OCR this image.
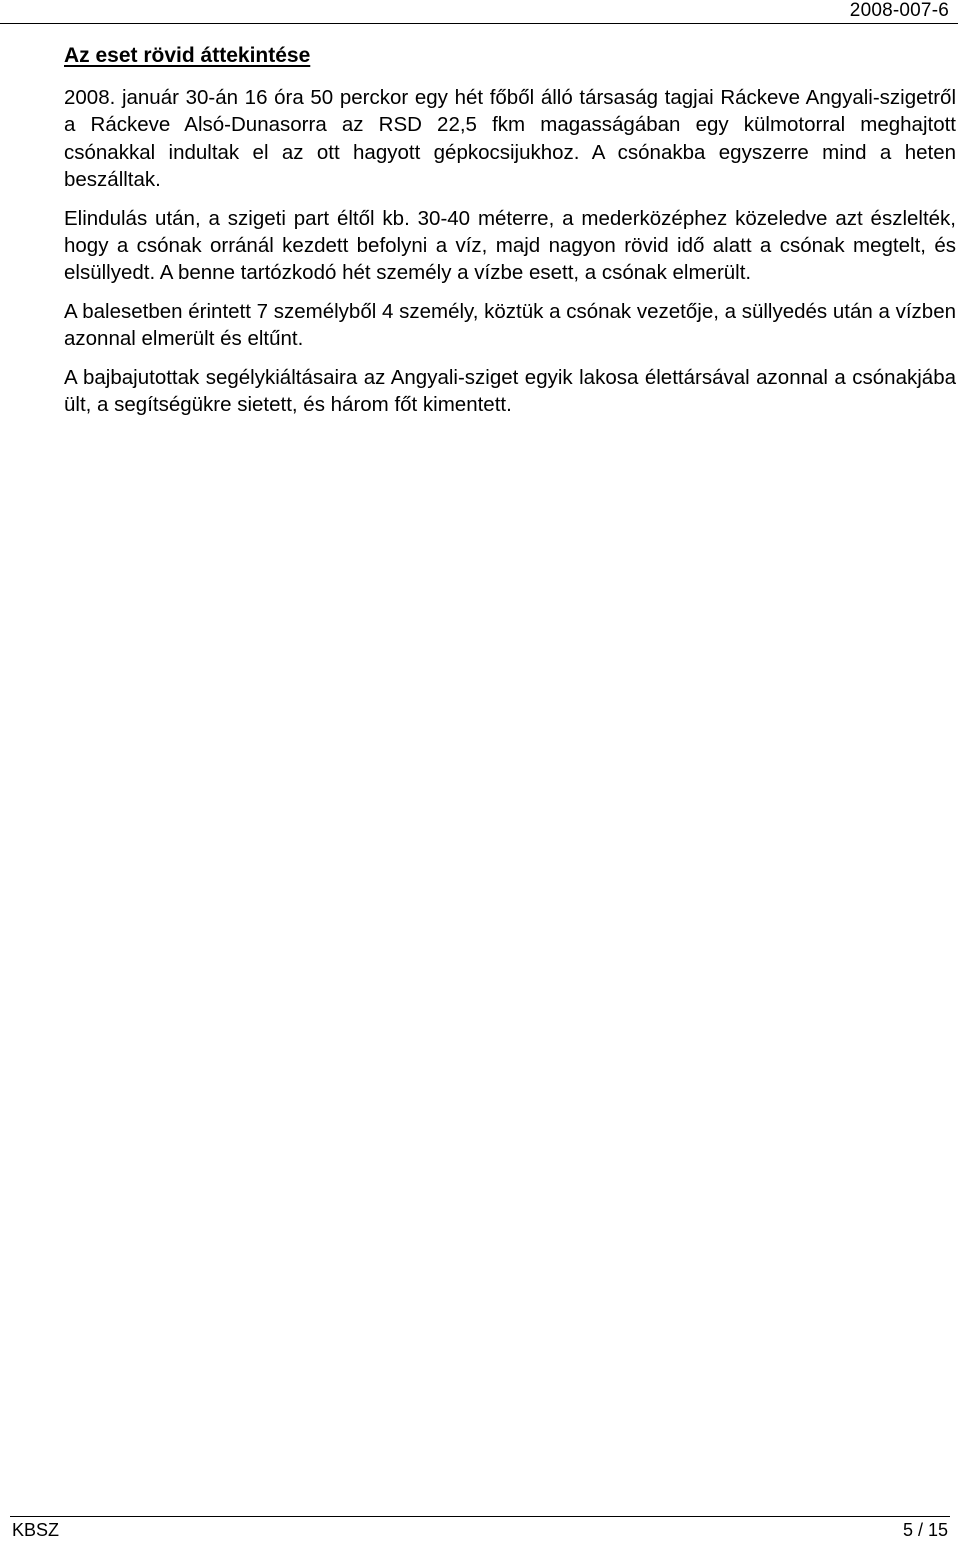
2008-007-6
Az eset rövid áttekintése

2008. január 30-án 16 óra 50 perckor egy hét főből álló társaság tagjai Ráckeve Angyali-szigetről a Ráckeve Alsó-Dunasorra az RSD 22,5 fkm magasságában egy külmotorral meghajtott csónakkal indultak el az ott hagyott gépkocsijukhoz. A csónakba egyszerre mind a heten beszálltak.

Elindulás után, a szigeti part éltől kb. 30-40 méterre, a mederközéphez közeledve azt észlelték, hogy a csónak orránál kezdett befolyni a víz, majd nagyon rövid idő alatt a csónak megtelt, és elsüllyedt. A benne tartózkodó hét személy a vízbe esett, a csónak elmerült.

A balesetben érintett 7 személyből 4 személy, köztük a csónak vezetője, a süllyedés után a vízben azonnal elmerült és eltűnt.

A bajbajutottak segélykiáltásaira az Angyali-sziget egyik lakosa élettársával azonnal a csónakjába ült, a segítségükre sietett, és három főt kimentett.

KBSZ	5 / 15
